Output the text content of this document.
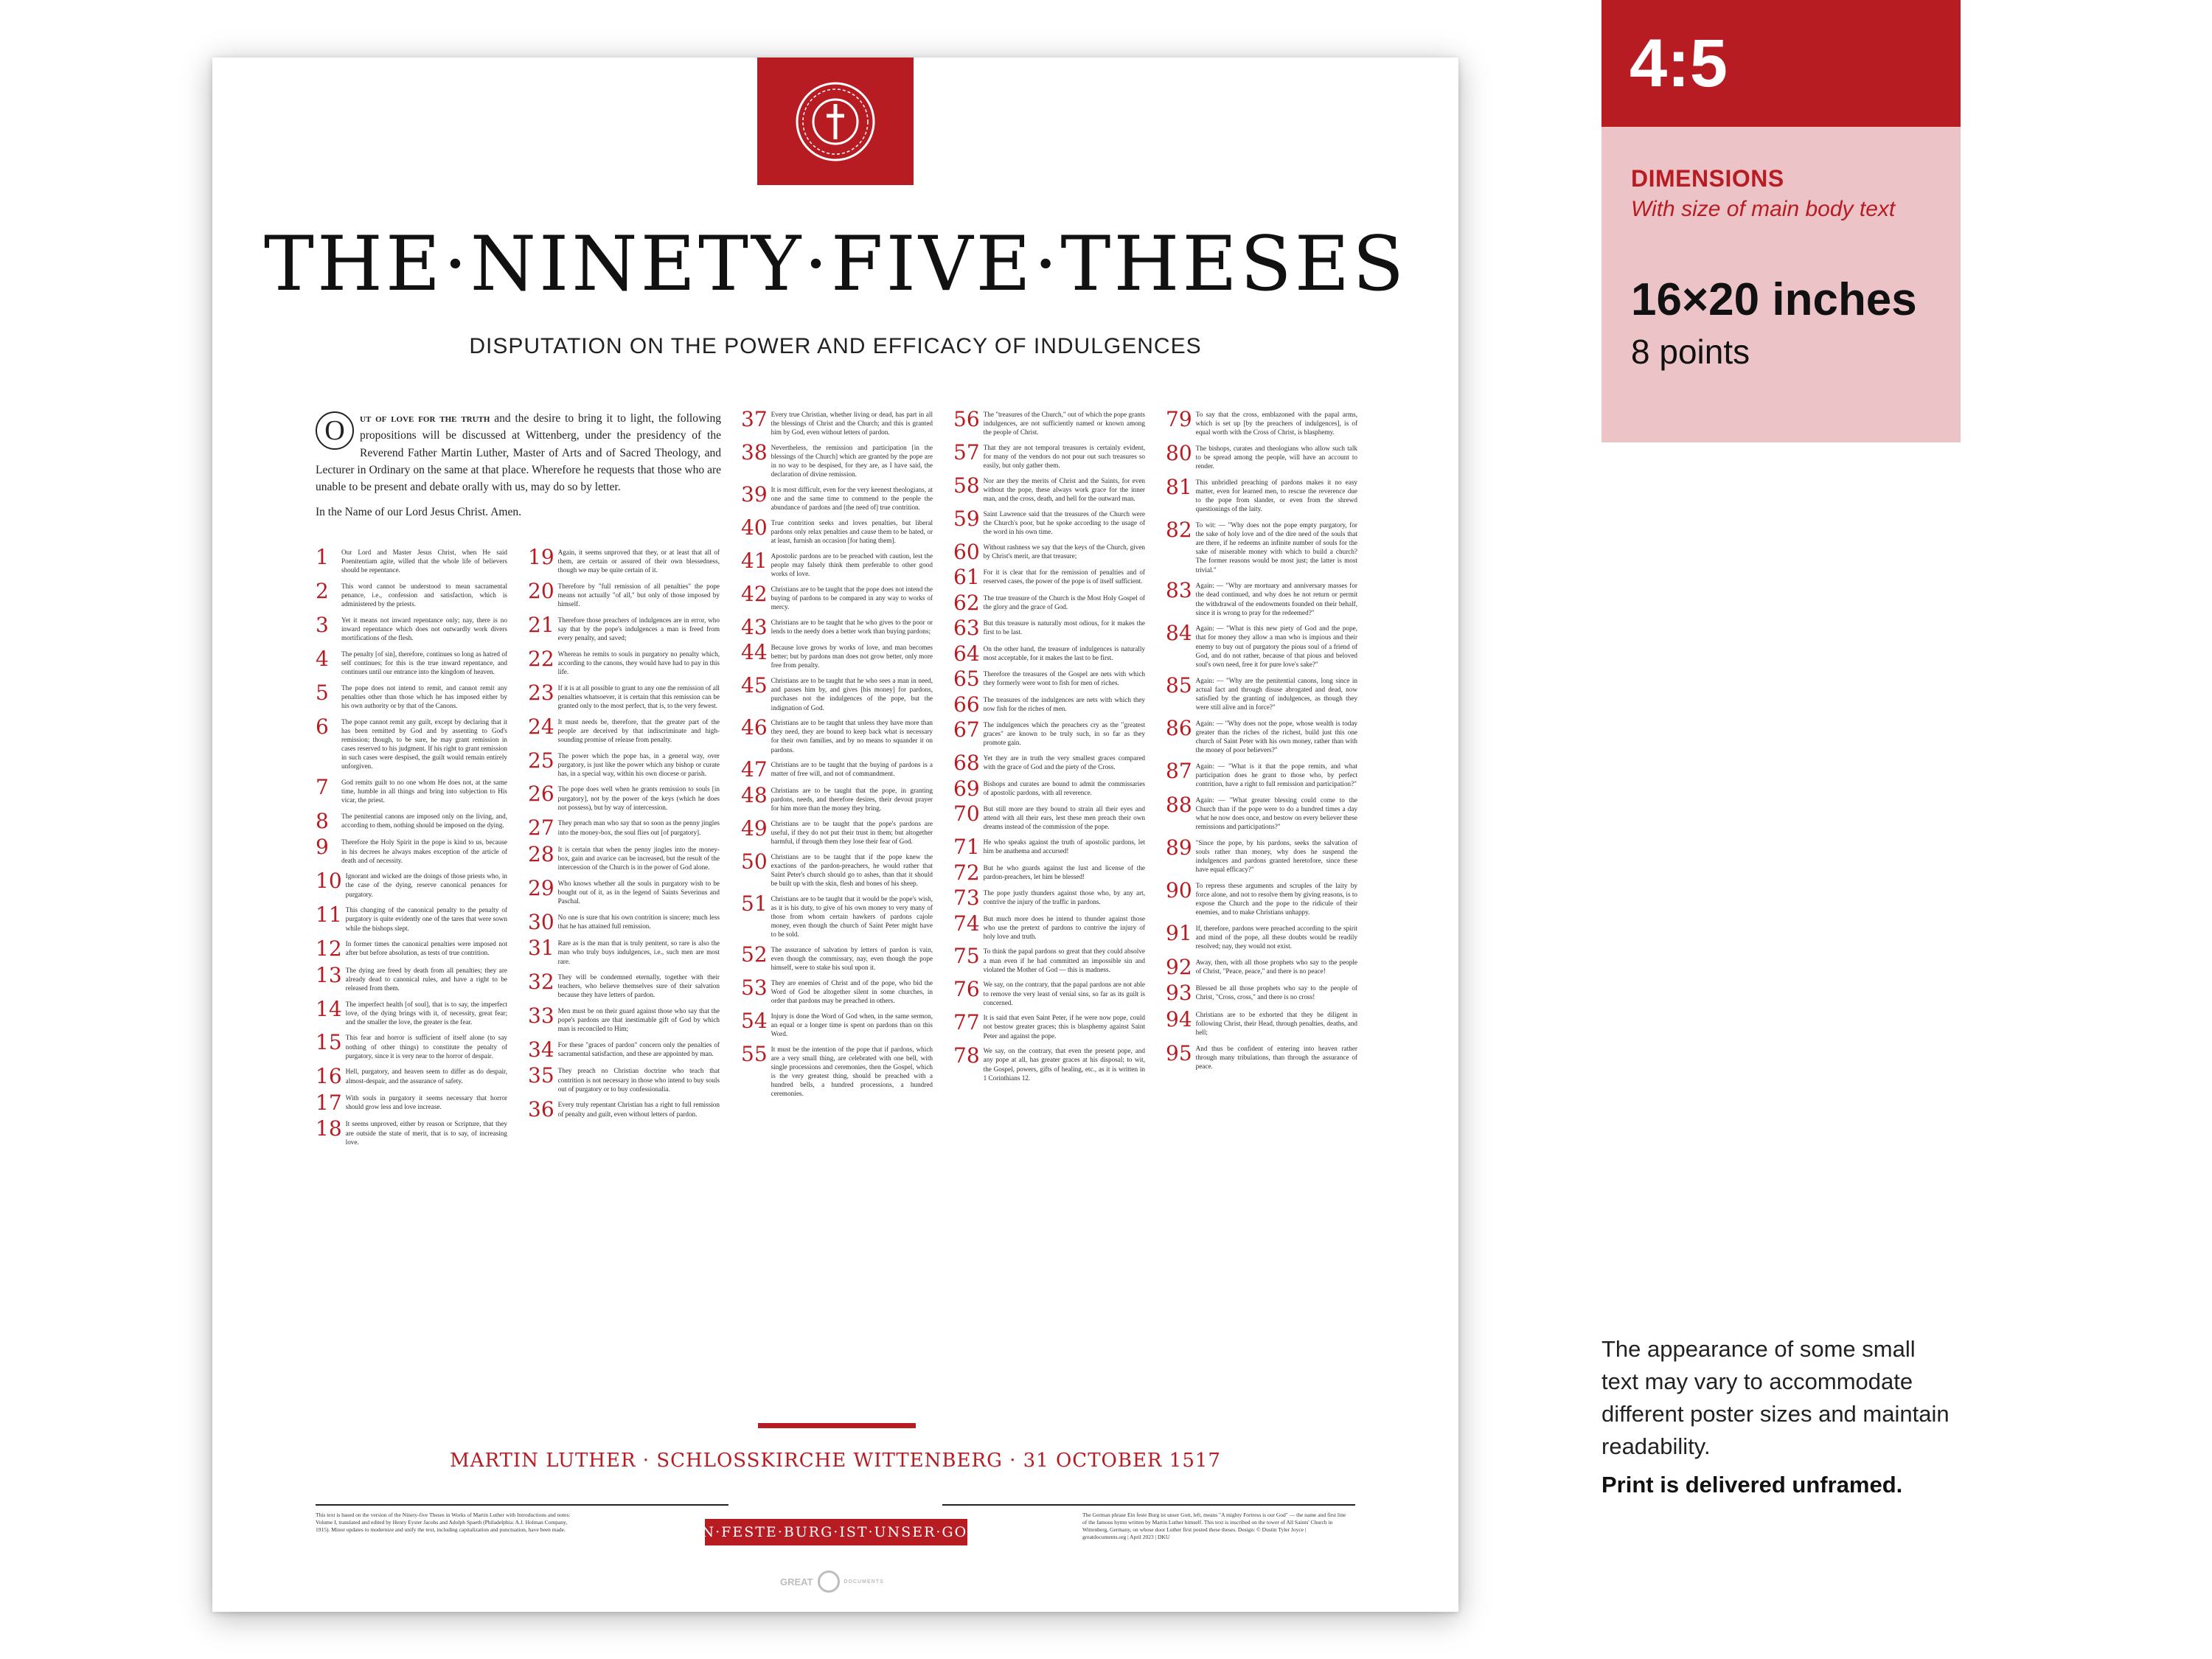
THE·NINETY·FIVE·THESES
DISPUTATION ON THE POWER AND EFFICACY OF INDULGENCES
O	ut of love for the truth and the desire to bring it to light, the following propositions will be discussed at Wittenberg, under the presidency of the Reverend Father Martin Luther, Master of Arts and of Sacred Theology, and Lecturer in Ordinary on the same at that place. Wherefore he requests that those who are unable to be present and debate orally with us, may do so by letter.
In the Name of our Lord Jesus Christ. Amen.
1	Our Lord and Master Jesus Christ, when He said Poenitentiam agite, willed that the whole life of believers should be repentance.
2	This word cannot be understood to mean sacramental penance, i.e., confession and satisfaction, which is administered by the priests.
3	Yet it means not inward repentance only; nay, there is no inward repentance which does not outwardly work divers mortifications of the flesh.
4	The penalty [of sin], therefore, continues so long as hatred of self continues; for this is the true inward repentance, and continues until our entrance into the kingdom of heaven.
5	The pope does not intend to remit, and cannot remit any penalties other than those which he has imposed either by his own authority or by that of the Canons.
6	The pope cannot remit any guilt, except by declaring that it has been remitted by God and by assenting to God's remission; though, to be sure, he may grant remission in cases reserved to his judgment. If his right to grant remission in such cases were despised, the guilt would remain entirely unforgiven.
7	God remits guilt to no one whom He does not, at the same time, humble in all things and bring into subjection to His vicar, the priest.
8	The penitential canons are imposed only on the living, and, according to them, nothing should be imposed on the dying.
9	Therefore the Holy Spirit in the pope is kind to us, because in his decrees he always makes exception of the article of death and of necessity.
10 Ignorant and wicked are the doings of those priests who, in the case of the dying, reserve canonical penances for purgatory.
11 This changing of the canonical penalty to the penalty of purgatory is quite evidently one of the tares that were sown while the bishops slept.
12 In former times the canonical penalties were imposed not after but before absolution, as tests of true contrition.
13 The dying are freed by death from all penalties; they are already dead to canonical rules, and have a right to be released from them.
14 The imperfect health [of soul], that is to say, the imperfect love, of the dying brings with it, of necessity, great fear; and the smaller the love, the greater is the fear.
15 This fear and horror is sufficient of itself alone (to say nothing of other things) to constitute the penalty of purgatory, since it is very near to the horror of despair.
16 Hell, purgatory, and heaven seem to differ as do despair, almost-despair, and the assurance of safety.
17 With souls in purgatory it seems necessary that horror should grow less and love increase.
18 It seems unproved, either by reason or Scripture, that they are outside the state of merit, that is to say, of increasing love.
19 Again, it seems unproved that they, or at least that all of them, are certain or assured of their own blessedness, though we may be quite certain of it.
20 Therefore by "full remission of all penalties" the pope means not actually "of all," but only of those imposed by himself.
21 Therefore those preachers of indulgences are in error, who say that by the pope's indulgences a man is freed from every penalty, and saved;
22 Whereas he remits to souls in purgatory no penalty which, according to the canons, they would have had to pay in this life.
23 If it is at all possible to grant to any one the remission of all penalties whatsoever, it is certain that this remission can be granted only to the most perfect, that is, to the very fewest.
24 It must needs be, therefore, that the greater part of the people are deceived by that indiscriminate and high-sounding promise of release from penalty.
25 The power which the pope has, in a general way, over purgatory, is just like the power which any bishop or curate has, in a special way, within his own diocese or parish.
26 The pope does well when he grants remission to souls [in purgatory], not by the power of the keys (which he does not possess), but by way of intercession.
27 They preach man who say that so soon as the penny jingles into the money-box, the soul flies out [of purgatory].
28 It is certain that when the penny jingles into the money-box, gain and avarice can be increased, but the result of the intercession of the Church is in the power of God alone.
29 Who knows whether all the souls in purgatory wish to be bought out of it, as in the legend of Saints Severinus and Paschal.
30 No one is sure that his own contrition is sincere; much less that he has attained full remission.
31 Rare as is the man that is truly penitent, so rare is also the man who truly buys indulgences, i.e., such men are most rare.
32 They will be condemned eternally, together with their teachers, who believe themselves sure of their salvation because they have letters of pardon.
33 Men must be on their guard against those who say that the pope's pardons are that inestimable gift of God by which man is reconciled to Him;
34 For these "graces of pardon" concern only the penalties of sacramental satisfaction, and these are appointed by man.
35 They preach no Christian doctrine who teach that contrition is not necessary in those who intend to buy souls out of purgatory or to buy confessionalia.
36 Every truly repentant Christian has a right to full remission of penalty and guilt, even without letters of pardon.
37 Every true Christian, whether living or dead, has part in all the blessings of Christ and the Church; and this is granted him by God, even without letters of pardon.
38 Nevertheless, the remission and participation [in the blessings of the Church] which are granted by the pope are in no way to be despised, for they are, as I have said, the declaration of divine remission.
39 It is most difficult, even for the very keenest theologians, at one and the same time to commend to the people the abundance of pardons and [the need of] true contrition.
40 True contrition seeks and loves penalties, but liberal pardons only relax penalties and cause them to be hated, or at least, furnish an occasion [for hating them].
41 Apostolic pardons are to be preached with caution, lest the people may falsely think them preferable to other good works of love.
42 Christians are to be taught that the pope does not intend the buying of pardons to be compared in any way to works of mercy.
43 Christians are to be taught that he who gives to the poor or lends to the needy does a better work than buying pardons;
44 Because love grows by works of love, and man becomes better; but by pardons man does not grow better, only more free from penalty.
45 Christians are to be taught that he who sees a man in need, and passes him by, and gives [his money] for pardons, purchases not the indulgences of the pope, but the indignation of God.
46 Christians are to be taught that unless they have more than they need, they are bound to keep back what is necessary for their own families, and by no means to squander it on pardons.
47 Christians are to be taught that the buying of pardons is a matter of free will, and not of commandment.
48 Christians are to be taught that the pope, in granting pardons, needs, and therefore desires, their devout prayer for him more than the money they bring.
49 Christians are to be taught that the pope's pardons are useful, if they do not put their trust in them; but altogether harmful, if through them they lose their fear of God.
50 Christians are to be taught that if the pope knew the exactions of the pardon-preachers, he would rather that Saint Peter's church should go to ashes, than that it should be built up with the skin, flesh and bones of his sheep.
51 Christians are to be taught that it would be the pope's wish, as it is his duty, to give of his own money to very many of those from whom certain hawkers of pardons cajole money, even though the church of Saint Peter might have to be sold.
52 The assurance of salvation by letters of pardon is vain, even though the commissary, nay, even though the pope himself, were to stake his soul upon it.
53 They are enemies of Christ and of the pope, who bid the Word of God be altogether silent in some churches, in order that pardons may be preached in others.
54 Injury is done the Word of God when, in the same sermon, an equal or a longer time is spent on pardons than on this Word.
55 It must be the intention of the pope that if pardons, which are a very small thing, are celebrated with one bell, with single processions and ceremonies, then the Gospel, which is the very greatest thing, should be preached with a hundred bells, a hundred processions, a hundred ceremonies.
56 The "treasures of the Church," out of which the pope grants indulgences, are not sufficiently named or known among the people of Christ.
57 That they are not temporal treasures is certainly evident, for many of the vendors do not pour out such treasures so easily, but only gather them.
58 Nor are they the merits of Christ and the Saints, for even without the pope, these always work grace for the inner man, and the cross, death, and hell for the outward man.
59 Saint Lawrence said that the treasures of the Church were the Church's poor, but he spoke according to the usage of the word in his own time.
60 Without rashness we say that the keys of the Church, given by Christ's merit, are that treasure;
61 For it is clear that for the remission of penalties and of reserved cases, the power of the pope is of itself sufficient.
62 The true treasure of the Church is the Most Holy Gospel of the glory and the grace of God.
63 But this treasure is naturally most odious, for it makes the first to be last.
64 On the other hand, the treasure of indulgences is naturally most acceptable, for it makes the last to be first.
65 Therefore the treasures of the Gospel are nets with which they formerly were wont to fish for men of riches.
66 The treasures of the indulgences are nets with which they now fish for the riches of men.
67 The indulgences which the preachers cry as the "greatest graces" are known to be truly such, in so far as they promote gain.
68 Yet they are in truth the very smallest graces compared with the grace of God and the piety of the Cross.
69 Bishops and curates are bound to admit the commissaries of apostolic pardons, with all reverence.
70 But still more are they bound to strain all their eyes and attend with all their ears, lest these men preach their own dreams instead of the commission of the pope.
71 He who speaks against the truth of apostolic pardons, let him be anathema and accursed!
72 But he who guards against the lust and license of the pardon-preachers, let him be blessed!
73 The pope justly thunders against those who, by any art, contrive the injury of the traffic in pardons.
74 But much more does he intend to thunder against those who use the pretext of pardons to contrive the injury of holy love and truth.
75 To think the papal pardons so great that they could absolve a man even if he had committed an impossible sin and violated the Mother of God — this is madness.
76 We say, on the contrary, that the papal pardons are not able to remove the very least of venial sins, so far as its guilt is concerned.
77 It is said that even Saint Peter, if he were now pope, could not bestow greater graces; this is blasphemy against Saint Peter and against the pope.
78 We say, on the contrary, that even the present pope, and any pope at all, has greater graces at his disposal; to wit, the Gospel, powers, gifts of healing, etc., as it is written in 1 Corinthians 12.
79 To say that the cross, emblazoned with the papal arms, which is set up [by the preachers of indulgences], is of equal worth with the Cross of Christ, is blasphemy.
80 The bishops, curates and theologians who allow such talk to be spread among the people, will have an account to render.
81 This unbridled preaching of pardons makes it no easy matter, even for learned men, to rescue the reverence due to the pope from slander, or even from the shrewd questionings of the laity.
82 To wit: — "Why does not the pope empty purgatory, for the sake of holy love and of the dire need of the souls that are there, if he redeems an infinite number of souls for the sake of miserable money with which to build a church? The former reasons would be most just; the latter is most trivial."
83 Again: — "Why are mortuary and anniversary masses for the dead continued, and why does he not return or permit the withdrawal of the endowments founded on their behalf, since it is wrong to pray for the redeemed?"
84 Again: — "What is this new piety of God and the pope, that for money they allow a man who is impious and their enemy to buy out of purgatory the pious soul of a friend of God, and do not rather, because of that pious and beloved soul's own need, free it for pure love's sake?"
85 Again: — "Why are the penitential canons, long since in actual fact and through disuse abrogated and dead, now satisfied by the granting of indulgences, as though they were still alive and in force?"
86 Again: — "Why does not the pope, whose wealth is today greater than the riches of the richest, build just this one church of Saint Peter with his own money, rather than with the money of poor believers?"
87 Again: — "What is it that the pope remits, and what participation does he grant to those who, by perfect contrition, have a right to full remission and participation?"
88 Again: — "What greater blessing could come to the Church than if the pope were to do a hundred times a day what he now does once, and bestow on every believer these remissions and participations?"
89 "Since the pope, by his pardons, seeks the salvation of souls rather than money, why does he suspend the indulgences and pardons granted heretofore, since these have equal efficacy?"
90 To repress these arguments and scruples of the laity by force alone, and not to resolve them by giving reasons, is to expose the Church and the pope to the ridicule of their enemies, and to make Christians unhappy.
91 If, therefore, pardons were preached according to the spirit and mind of the pope, all these doubts would be readily resolved; nay, they would not exist.
92 Away, then, with all those prophets who say to the people of Christ, "Peace, peace," and there is no peace!
93 Blessed be all those prophets who say to the people of Christ, "Cross, cross," and there is no cross!
94 Christians are to be exhorted that they be diligent in following Christ, their Head, through penalties, deaths, and hell;
95 And thus be confident of entering into heaven rather through many tribulations, than through the assurance of peace.
MARTIN LUTHER · SCHLOSSKIRCHE WITTENBERG · 31 OCTOBER 1517
This text is based on the version of the Ninety-five Theses in Works of Martin Luther with Introductions and notes: Volume I, translated and edited by Henry Eyster Jacobs and Adolph Spaeth (Philadelphia: A.J. Holman Company, 1915). Minor updates to modernize and unify the text, including capitalization and punctuation, have been made.	EIN·FESTE·BURG·IST·UNSER·GOTT
The German phrase Ein feste Burg ist unser Gott, left, means "A mighty Fortress is our God" — the name and first line of the famous hymn written by Martin Luther himself. This text is inscribed on the tower of All Saints' Church in Wittenberg, Germany, on whose door Luther first posted these theses. Design: © Dustin Tyler Joyce | greatdocuments.org | April 2023 | DKU
GREAT	DOCUMENTS
4:5
DIMENSIONS
With size of main body text
16×20 inches
8 points
The appearance of some small text may vary to accommodate different poster sizes and maintain readability.
Print is delivered unframed.
